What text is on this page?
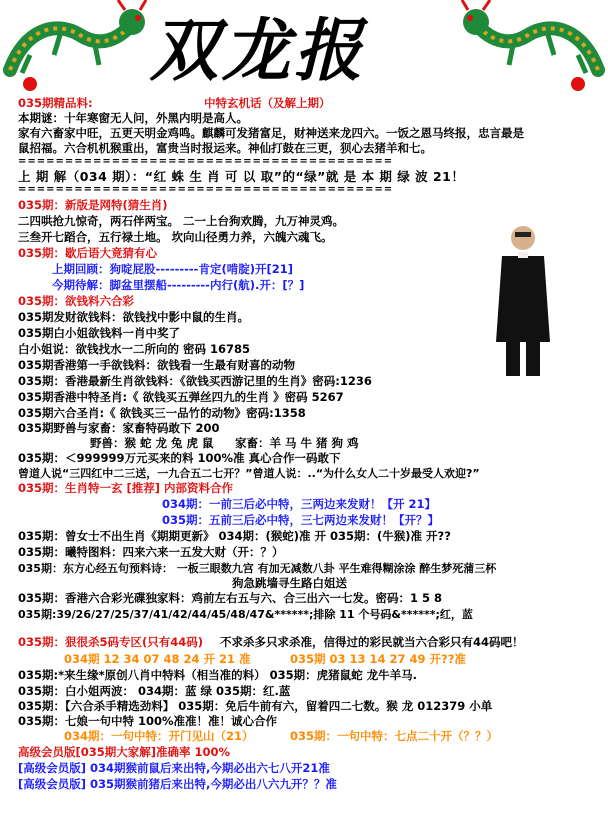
双龙报
035期精品料:	中特玄机话（及解上期）
本期谜：十年寒窗无人问，外黑内明是高人。
家有六畜家中旺，五更天明金鸡鸣。麒麟可发猪富足，财神送来龙四六。一饭之恩马终报，忠言最是
鼠招福。六合机机猴重出，富贵当时报运来。神仙打鼓在三更，狈心去猪羊和七。
========================================
上 期 解（034 期）：“红 蛛 生 肖 可 以 取”的“绿”就 是 本 期 绿 波 21！
========================================
035期：新版是网特(猜生肖)
二四哄抢九惊奇，两石伴两宝。 二一上台狗欢腾，九万神灵鸡。
三叁开七蹈合，五行禄土地。 坎向山径勇力养，六魄六魂飞。
035期：歇后语大竟猜有心
上期回顾：狗啶屁股---------肯定(啃腚)开[21]
今期待解：脚盆里摆船---------内行(航).开：[？]
035期：欲钱料六合彩
035期发财欲钱料：欲钱找中影中鼠的生肖。
035期白小姐欲钱料一肖中奖了
白小姐说：欲钱找水一二所向的 密码 16785
035期香港第一手欲钱料：欲钱看一生最有财喜的动物
035期：香港最新生肖欲钱料：《欲钱买西游记里的生肖》密码:1236
035期香港中特圣肖:《 欲钱买五弹丝四九的生肖 》密码 5267
035期六合圣肖:《 欲钱买三一品竹的动物》密码:1358
035期野兽与家畜：家畜特码敢下 200
野兽：猴 蛇 龙 兔 虎 鼠 家畜：羊 马 牛 猪 狗 鸡
035期：＜999999万元买来的料 100%准 真心合作一码敢下
曾道人说“三四红中二三送，一九合五二七开？”曾道人说：..“为什么女人二十岁最受人欢迎?”
035期：生肖特一玄 [推荐] 内部资料合作
034期：一前三后必中特，三两边来发财！【开 21】
035期：五前三后必中特，三七两边来发财！【开？】
035期：曾女士不出生肖《期期更新》 034期：(猴蛇)准 开 035期：(牛猴)准 开??
035期：曦特图料：四来六来一五发大财（开：？）
035期：东方心经五句预料诗： 一板三眼数九宫 有加无减数八卦 平生难得糊涂涂 醉生梦死蒲三杯
狗急跳墙寻生路白姐送
035期：香港六合彩光碟独家料：鸡前左右五与六、合三出六一七发。密码：1 5 8
035期:39/26/27/25/37/41/42/44/45/48/47&******;排除 11 个号码&******;红，蓝
035期：狠很杀5码专区(只有44码) 不求杀多只求杀准，信得过的彩民就当六合彩只有44码吧！
034期 12 34 07 48 24 开 21 准	035期 03 13 14 27 49 开??准
035期:*来生缘*原创八肖中特料（相当准的料） 035期：虎猪鼠蛇 龙牛羊马.
035期：白小姐两波： 034期：蓝 绿 035期：红.蓝
035期：【六合杀手精选劲料】 035期：免后牛前有六，留着四二七数。猴 龙 012379 小单
035期：七娘一句中特 100%准准！准！诚心合作
034期：一句中特：开门见山（21）	035期：一句中特：七点二十开（？？）
高级会员版[035期大家解]准确率 100%
[高级会员版] 034期猴前鼠后来出特,今期必出六七八开21准
[高级会员版] 035期猴前猪后来出特,今期必出八六九开？？准
